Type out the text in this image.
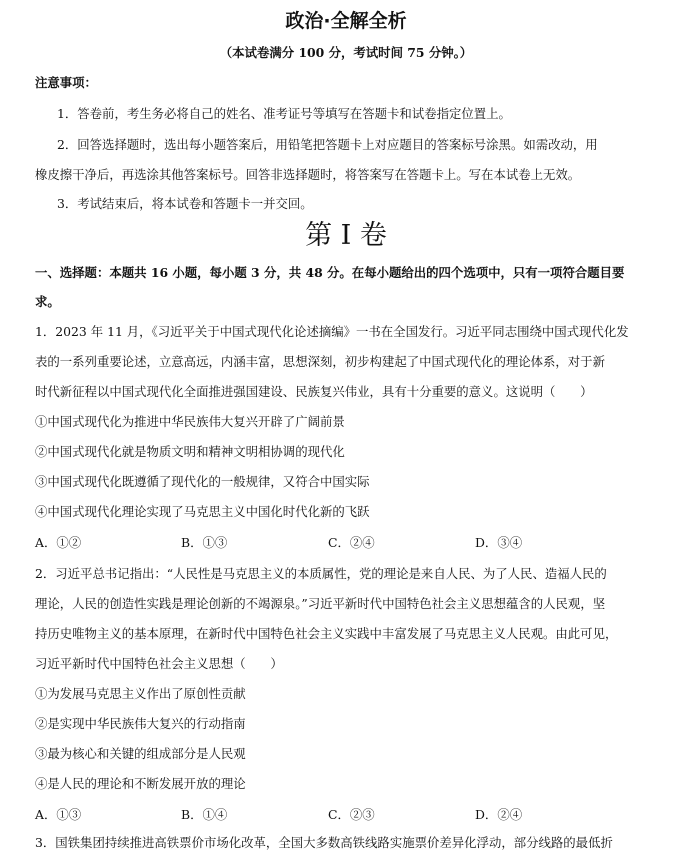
政治·全解全析
（本试卷满分 100 分，考试时间 75 分钟。）
注意事项：
1．答卷前，考生务必将自己的姓名、准考证号等填写在答题卡和试卷指定位置上。
2．回答选择题时，选出每小题答案后，用铅笔把答题卡上对应题目的答案标号涂黑。如需改动，用
橡皮擦干净后，再选涂其他答案标号。回答非选择题时，将答案写在答题卡上。写在本试卷上无效。
3．考试结束后，将本试卷和答题卡一并交回。
第 I 卷
一、选择题：本题共 16 小题，每小题 3 分，共 48 分。在每小题给出的四个选项中，只有一项符合题目要
求。
1．2023 年 11 月，《习近平关于中国式现代化论述摘编》一书在全国发行。习近平同志围绕中国式现代化发
表的一系列重要论述，立意高远，内涵丰富，思想深刻，初步构建起了中国式现代化的理论体系，对于新
时代新征程以中国式现代化全面推进强国建设、民族复兴伟业，具有十分重要的意义。这说明（　　）
①中国式现代化为推进中华民族伟大复兴开辟了广阔前景
②中国式现代化就是物质文明和精神文明相协调的现代化
③中国式现代化既遵循了现代化的一般规律，又符合中国实际
④中国式现代化理论实现了马克思主义中国化时代化新的飞跃
A．①②	B．①③	C．②④	D．③④
2．习近平总书记指出：“人民性是马克思主义的本质属性，党的理论是来自人民、为了人民、造福人民的
理论，人民的创造性实践是理论创新的不竭源泉。”习近平新时代中国特色社会主义思想蕴含的人民观，坚
持历史唯物主义的基本原理，在新时代中国特色社会主义实践中丰富发展了马克思主义人民观。由此可见，
习近平新时代中国特色社会主义思想（　　）
①为发展马克思主义作出了原创性贡献
②是实现中华民族伟大复兴的行动指南
③最为核心和关键的组成部分是人民观
④是人民的理论和不断发展开放的理论
A．①③	B．①④	C．②③	D．②④
3．国铁集团持续推进高铁票价市场化改革，全国大多数高铁线路实施票价差异化浮动，部分线路的最低折
